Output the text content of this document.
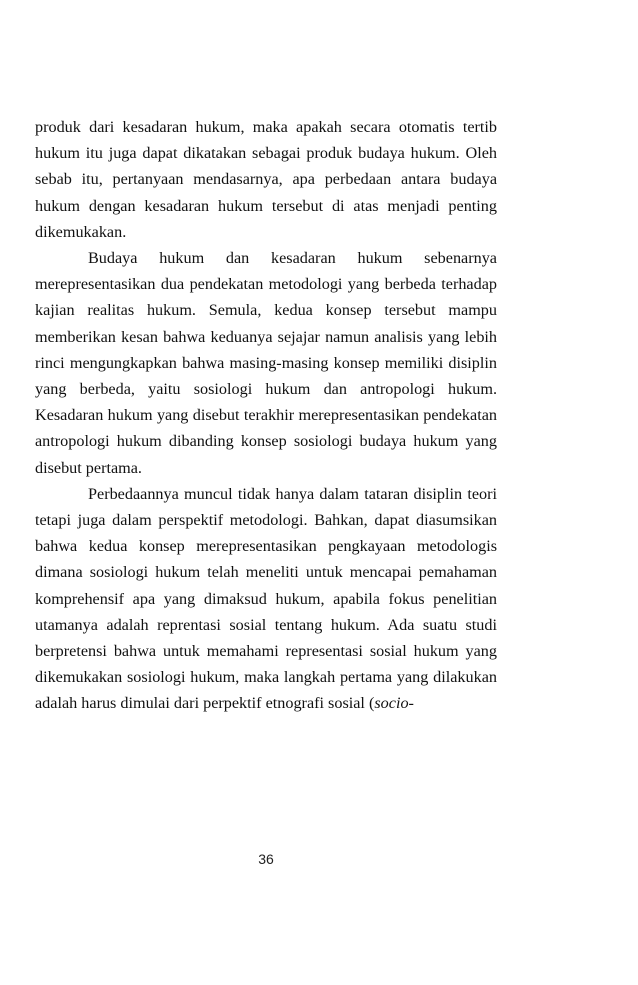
produk dari kesadaran hukum, maka apakah secara otomatis tertib hukum itu juga dapat dikatakan sebagai produk budaya hukum. Oleh sebab itu, pertanyaan mendasarnya, apa perbedaan antara budaya hukum dengan kesadaran hukum tersebut di atas menjadi penting dikemukakan.

Budaya hukum dan kesadaran hukum sebenarnya merepresentasikan dua pendekatan metodologi yang berbeda terhadap kajian realitas hukum. Semula, kedua konsep tersebut mampu memberikan kesan bahwa keduanya sejajar namun analisis yang lebih rinci mengungkapkan bahwa masing-masing konsep memiliki disiplin yang berbeda, yaitu sosiologi hukum dan antropologi hukum. Kesadaran hukum yang disebut terakhir merepresentasikan pendekatan antropologi hukum dibanding konsep sosiologi budaya hukum yang disebut pertama.

Perbedaannya muncul tidak hanya dalam tataran disiplin teori tetapi juga dalam perspektif metodologi. Bahkan, dapat diasumsikan bahwa kedua konsep merepresentasikan pengkayaan metodologis dimana sosiologi hukum telah meneliti untuk mencapai pemahaman komprehensif apa yang dimaksud hukum, apabila fokus penelitian utamanya adalah reprentasi sosial tentang hukum. Ada suatu studi berpretensi bahwa untuk memahami representasi sosial hukum yang dikemukakan sosiologi hukum, maka langkah pertama yang dilakukan adalah harus dimulai dari perpektif etnografi sosial (socio-

36
